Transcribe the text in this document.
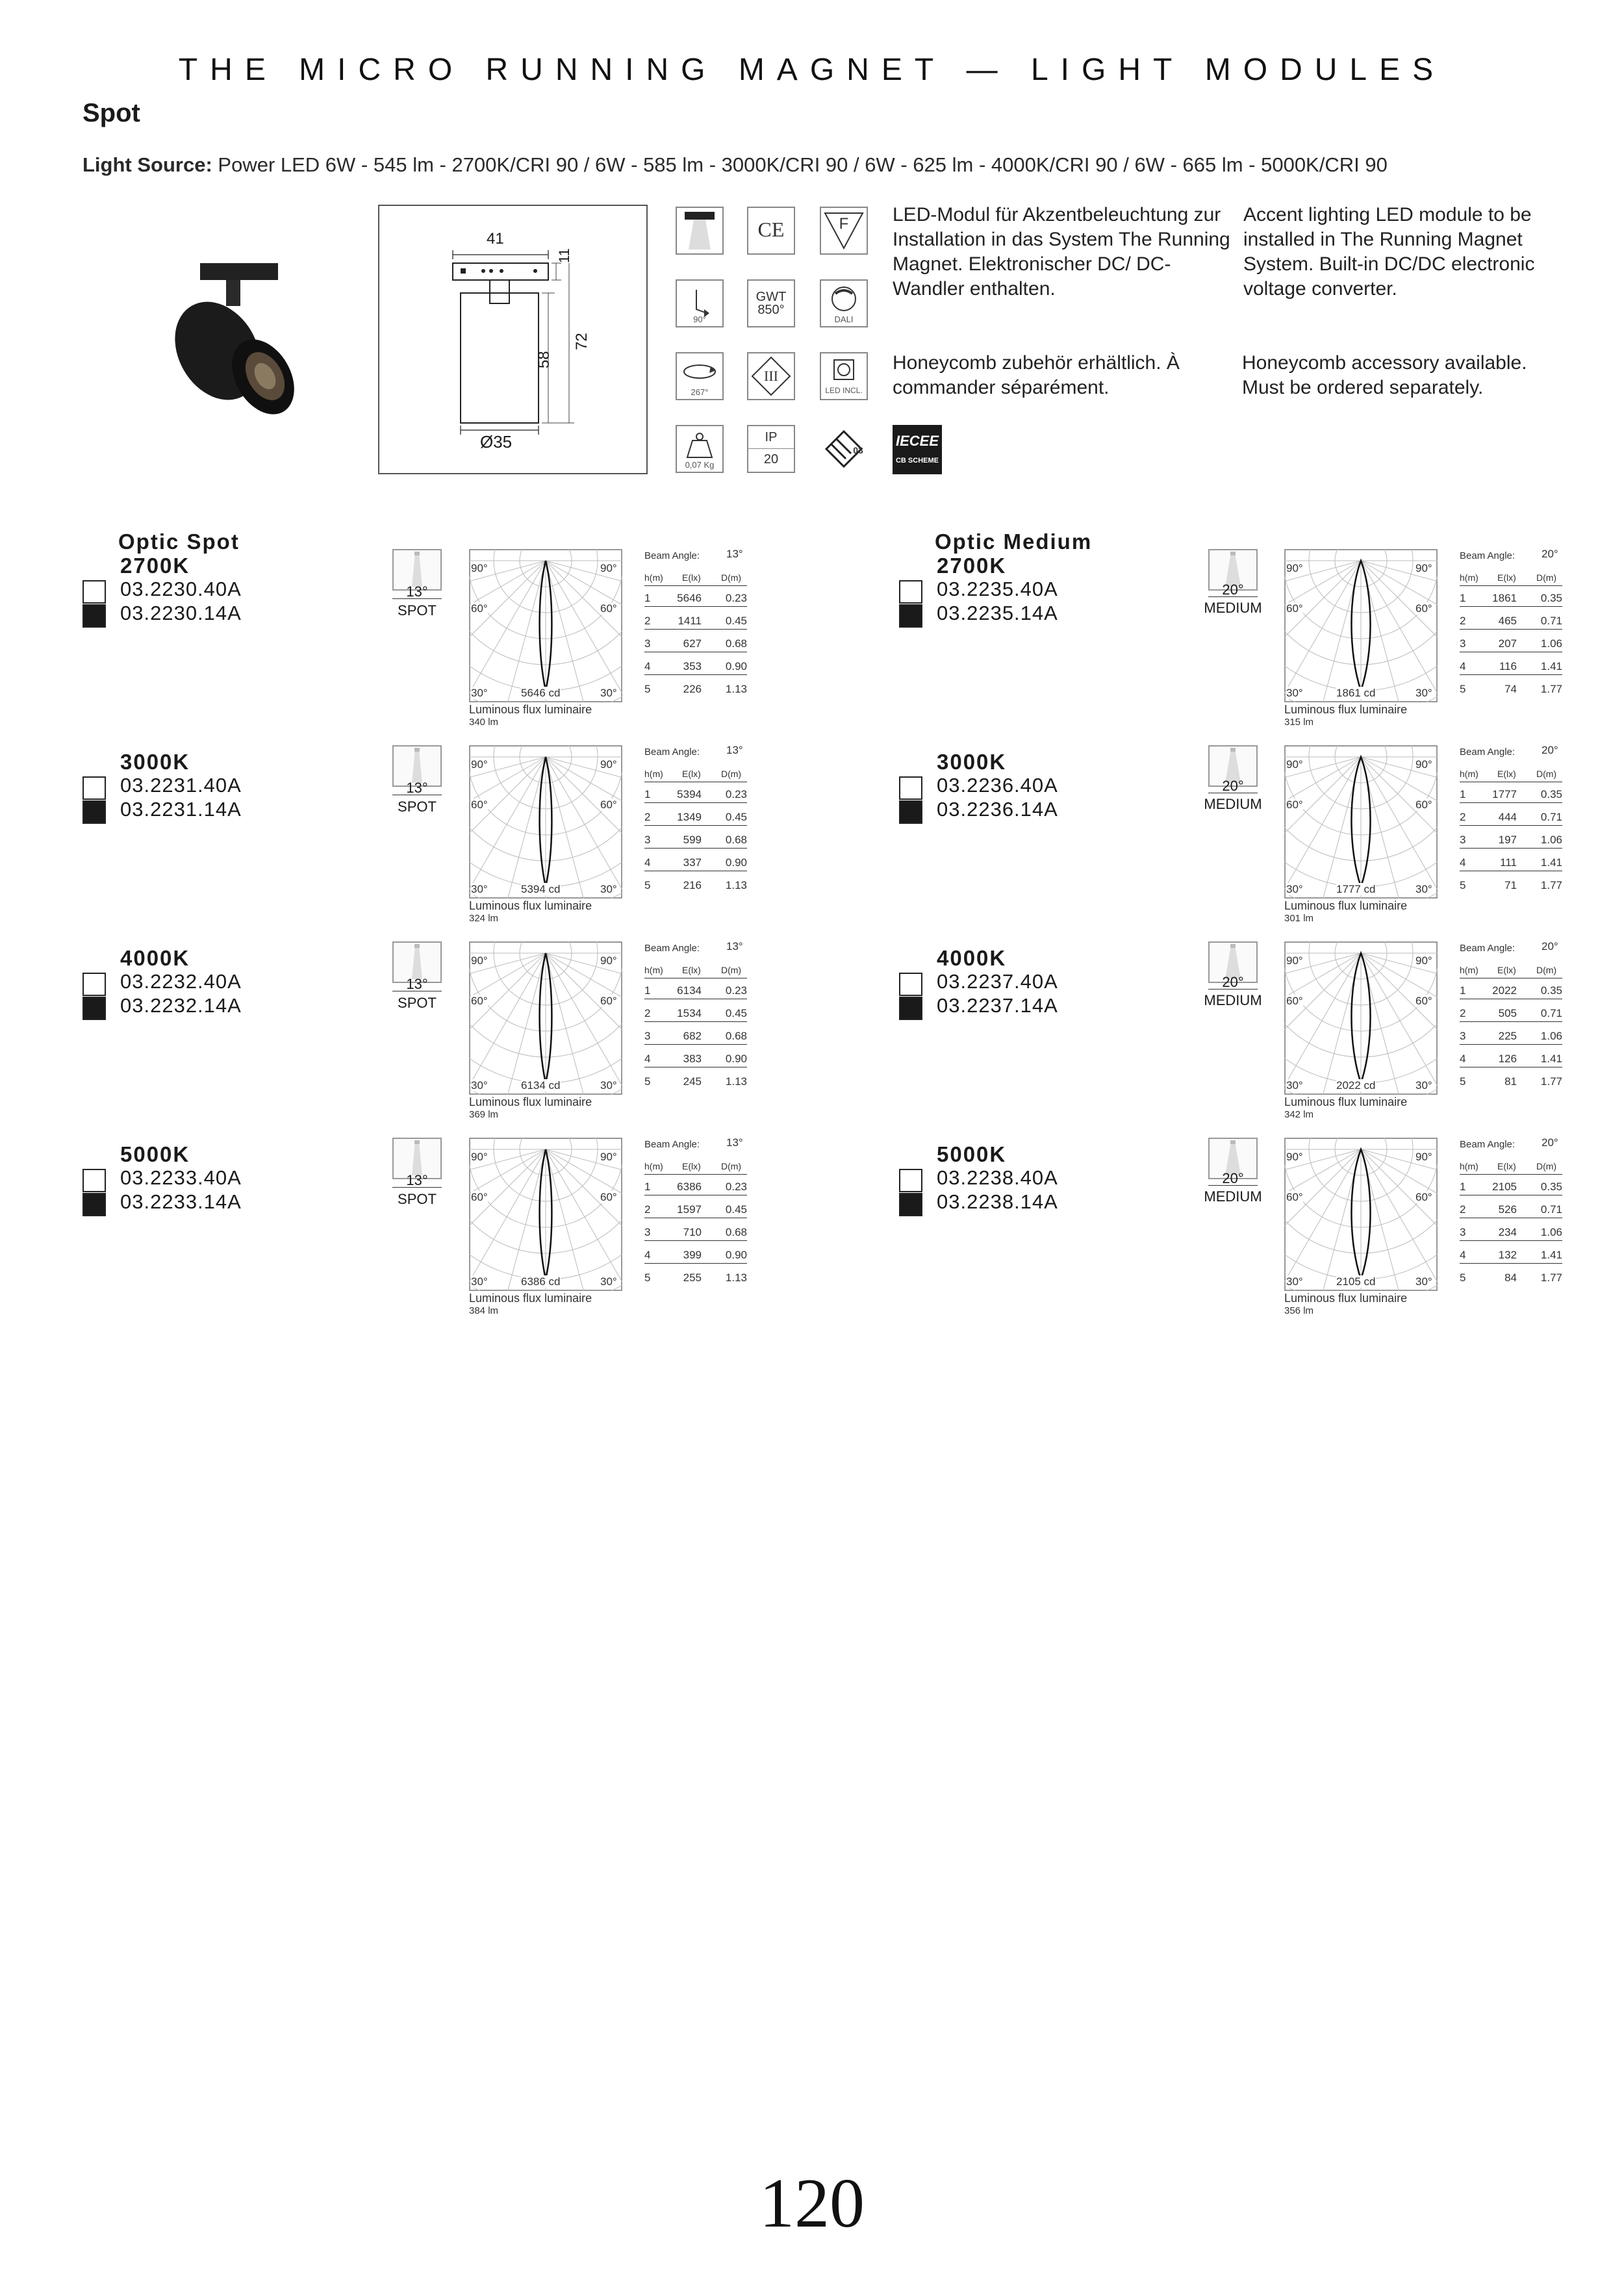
THE MICRO RUNNING MAGNET — LIGHT MODULES
Spot
Light Source: Power LED 6W - 545 lm - 2700K/CRI 90 / 6W - 585 lm - 3000K/CRI 90 / 6W - 625 lm - 4000K/CRI 90 / 6W - 665 lm - 5000K/CRI 90
41
11
58
72
Ø35
CE	F
90°
GWT
850°
DALI
267°
III
LED INCL.
0,07 Kg
IP
20
03
IECEE
CB SCHEME
LED-Modul für Akzentbeleuchtung zur Installation in das System The Running Magnet. Elektronischer DC/ DC-Wandler enthalten.
Accent lighting LED module to be installed in The Running Magnet System. Built-in DC/DC electronic voltage converter.
Honeycomb zubehör erhältlich. À commander séparément.
Honeycomb accessory available. Must be ordered separately.
Optic Spot
2700K
03.2230.40A
03.2230.14A
13°
SPOT
90°	90°
60°	60°
30°	30°
5646 cd
Luminous flux luminaire
340 lm
Beam Angle: 13°
h(m) E(lx) D(m)
1 5646 0.23
2 1411 0.45
3	627 0.68
4	353 0.90
5	226 1.13
3000K
03.2231.40A
03.2231.14A
13°
SPOT
90°	90°
60°	60°
30°	30°
5394 cd
Luminous flux luminaire
324 lm
Beam Angle: 13°
h(m) E(lx) D(m)
1 5394 0.23
2 1349 0.45
3	599 0.68
4	337 0.90
5	216 1.13
4000K
03.2232.40A
03.2232.14A
13°
SPOT
90°	90°
60°	60°
30°	30°
6134 cd
Luminous flux luminaire
369 lm
Beam Angle: 13°
h(m) E(lx) D(m)
1 6134 0.23
2 1534 0.45
3	682 0.68
4	383 0.90
5	245 1.13
5000K
03.2233.40A
03.2233.14A
13°
SPOT
90°	90°
60°	60°
30°	30°
6386 cd
Luminous flux luminaire
384 lm
Beam Angle: 13°
h(m) E(lx) D(m)
1 6386 0.23
2 1597 0.45
3	710 0.68
4	399 0.90
5	255 1.13
Optic Medium
2700K
03.2235.40A
03.2235.14A
20°
MEDIUM
90°	90°
60°	60°
30°	30°
1861 cd
Luminous flux luminaire
315 lm
Beam Angle: 20°
h(m) E(lx) D(m)
1 1861 0.35
2	465 0.71
3	207 1.06
4	116 1.41
5	74 1.77
3000K
03.2236.40A
03.2236.14A
20°
MEDIUM
90°	90°
60°	60°
30°	30°
1777 cd
Luminous flux luminaire
301 lm
Beam Angle: 20°
h(m) E(lx) D(m)
1 1777 0.35
2	444 0.71
3	197 1.06
4	111 1.41
5	71 1.77
4000K
03.2237.40A
03.2237.14A
20°
MEDIUM
90°	90°
60°	60°
30°	30°
2022 cd
Luminous flux luminaire
342 lm
Beam Angle: 20°
h(m) E(lx) D(m)
1 2022 0.35
2	505 0.71
3	225 1.06
4	126 1.41
5	81 1.77
5000K
03.2238.40A
03.2238.14A
20°
MEDIUM
90°	90°
60°	60°
30°	30°
2105 cd
Luminous flux luminaire
356 lm
Beam Angle: 20°
h(m) E(lx) D(m)
1 2105 0.35
2	526 0.71
3	234 1.06
4	132 1.41
5	84 1.77
120
